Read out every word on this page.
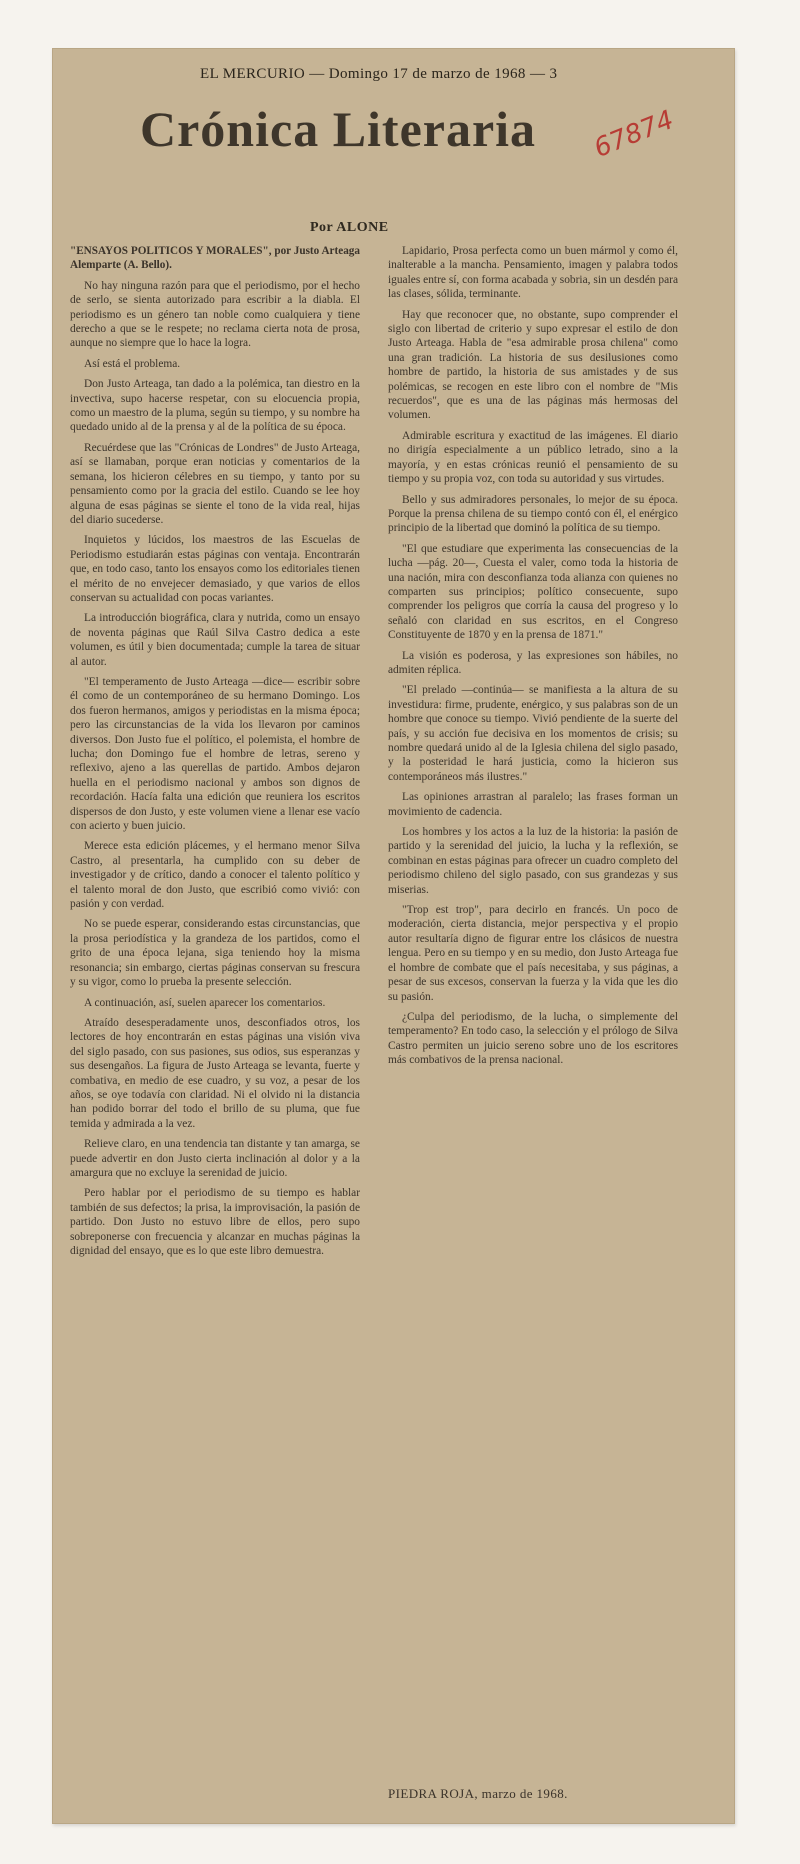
EL MERCURIO — Domingo 17 de marzo de 1968 — 3
Crónica Literaria	67874
Por ALONE

"ENSAYOS POLITICOS Y MORALES", por Justo Arteaga Alemparte (A. Bello).

No hay ninguna razón para que el periodismo, por el hecho de serlo, se sienta autorizado para escribir a la diabla. El periodismo es un género tan noble como cualquiera y tiene derecho a que se le respete; no reclama cierta nota de prosa, aunque no siempre que lo hace la logra.

Así está el problema.

Don Justo Arteaga, tan dado a la polémica, tan diestro en la invectiva, supo hacerse respetar, con su elocuencia propia, como un maestro de la pluma, según su tiempo, y su nombre ha quedado unido al de la prensa y al de la política de su época.

Recuérdese que las "Crónicas de Londres" de Justo Arteaga, así se llamaban, porque eran noticias y comentarios de la semana, los hicieron célebres en su tiempo, y tanto por su pensamiento como por la gracia del estilo. Cuando se lee hoy alguna de esas páginas se siente el tono de la vida real, hijas del diario sucederse.

Inquietos y lúcidos, los maestros de las Escuelas de Periodismo estudiarán estas páginas con ventaja. Encontrarán que, en todo caso, tanto los ensayos como los editoriales tienen el mérito de no envejecer demasiado, y que varios de ellos conservan su actualidad con pocas variantes.

La introducción biográfica, clara y nutrida, como un ensayo de noventa páginas que Raúl Silva Castro dedica a este volumen, es útil y bien documentada; cumple la tarea de situar al autor.

"El temperamento de Justo Arteaga —dice— escribir sobre él como de un contemporáneo de su hermano Domingo. Los dos fueron hermanos, amigos y periodistas en la misma época; pero las circunstancias de la vida los llevaron por caminos diversos. Don Justo fue el político, el polemista, el hombre de lucha; don Domingo fue el hombre de letras, sereno y reflexivo, ajeno a las querellas de partido. Ambos dejaron huella en el periodismo nacional y ambos son dignos de recordación. Hacía falta una edición que reuniera los escritos dispersos de don Justo, y este volumen viene a llenar ese vacío con acierto y buen juicio.

Merece esta edición plácemes, y el hermano menor Silva Castro, al presentarla, ha cumplido con su deber de investigador y de crítico, dando a conocer el talento político y el talento moral de don Justo, que escribió como vivió: con pasión y con verdad.

No se puede esperar, considerando estas circunstancias, que la prosa periodística y la grandeza de los partidos, como el grito de una época lejana, siga teniendo hoy la misma resonancia; sin embargo, ciertas páginas conservan su frescura y su vigor, como lo prueba la presente selección.

A continuación, así, suelen aparecer los comentarios.

Atraído desesperadamente unos, desconfiados otros, los lectores de hoy encontrarán en estas páginas una visión viva del siglo pasado, con sus pasiones, sus odios, sus esperanzas y sus desengaños. La figura de Justo Arteaga se levanta, fuerte y combativa, en medio de ese cuadro, y su voz, a pesar de los años, se oye todavía con claridad. Ni el olvido ni la distancia han podido borrar del todo el brillo de su pluma, que fue temida y admirada a la vez.

Relieve claro, en una tendencia tan distante y tan amarga, se puede advertir en don Justo cierta inclinación al dolor y a la amargura que no excluye la serenidad de juicio.

Pero hablar por el periodismo de su tiempo es hablar también de sus defectos; la prisa, la improvisación, la pasión de partido. Don Justo no estuvo libre de ellos, pero supo sobreponerse con frecuencia y alcanzar en muchas páginas la dignidad del ensayo, que es lo que este libro demuestra.

Lapidario, Prosa perfecta como un buen mármol y como él, inalterable a la mancha. Pensamiento, imagen y palabra todos iguales entre sí, con forma acabada y sobria, sin un desdén para las clases, sólida, terminante.

Hay que reconocer que, no obstante, supo comprender el siglo con libertad de criterio y supo expresar el estilo de don Justo Arteaga. Habla de "esa admirable prosa chilena" como una gran tradición. La historia de sus desilusiones como hombre de partido, la historia de sus amistades y de sus polémicas, se recogen en este libro con el nombre de "Mis recuerdos", que es una de las páginas más hermosas del volumen.

Admirable escritura y exactitud de las imágenes. El diario no dirigía especialmente a un público letrado, sino a la mayoría, y en estas crónicas reunió el pensamiento de su tiempo y su propia voz, con toda su autoridad y sus virtudes.

Bello y sus admiradores personales, lo mejor de su época. Porque la prensa chilena de su tiempo contó con él, el enérgico principio de la libertad que dominó la política de su tiempo.

"El que estudiare que experimenta las consecuencias de la lucha —pág. 20—, Cuesta el valer, como toda la historia de una nación, mira con desconfianza toda alianza con quienes no comparten sus principios; político consecuente, supo comprender los peligros que corría la causa del progreso y lo señaló con claridad en sus escritos, en el Congreso Constituyente de 1870 y en la prensa de 1871."

La visión es poderosa, y las expresiones son hábiles, no admiten réplica.

"El prelado —continúa— se manifiesta a la altura de su investidura: firme, prudente, enérgico, y sus palabras son de un hombre que conoce su tiempo. Vivió pendiente de la suerte del país, y su acción fue decisiva en los momentos de crisis; su nombre quedará unido al de la Iglesia chilena del siglo pasado, y la posteridad le hará justicia, como la hicieron sus contemporáneos más ilustres."

Las opiniones arrastran al paralelo; las frases forman un movimiento de cadencia.

Los hombres y los actos a la luz de la historia: la pasión de partido y la serenidad del juicio, la lucha y la reflexión, se combinan en estas páginas para ofrecer un cuadro completo del periodismo chileno del siglo pasado, con sus grandezas y sus miserias.

"Trop est trop", para decirlo en francés. Un poco de moderación, cierta distancia, mejor perspectiva y el propio autor resultaría digno de figurar entre los clásicos de nuestra lengua. Pero en su tiempo y en su medio, don Justo Arteaga fue el hombre de combate que el país necesitaba, y sus páginas, a pesar de sus excesos, conservan la fuerza y la vida que les dio su pasión.

¿Culpa del periodismo, de la lucha, o simplemente del temperamento? En todo caso, la selección y el prólogo de Silva Castro permiten un juicio sereno sobre uno de los escritores más combativos de la prensa nacional.

PIEDRA ROJA, marzo de 1968.
